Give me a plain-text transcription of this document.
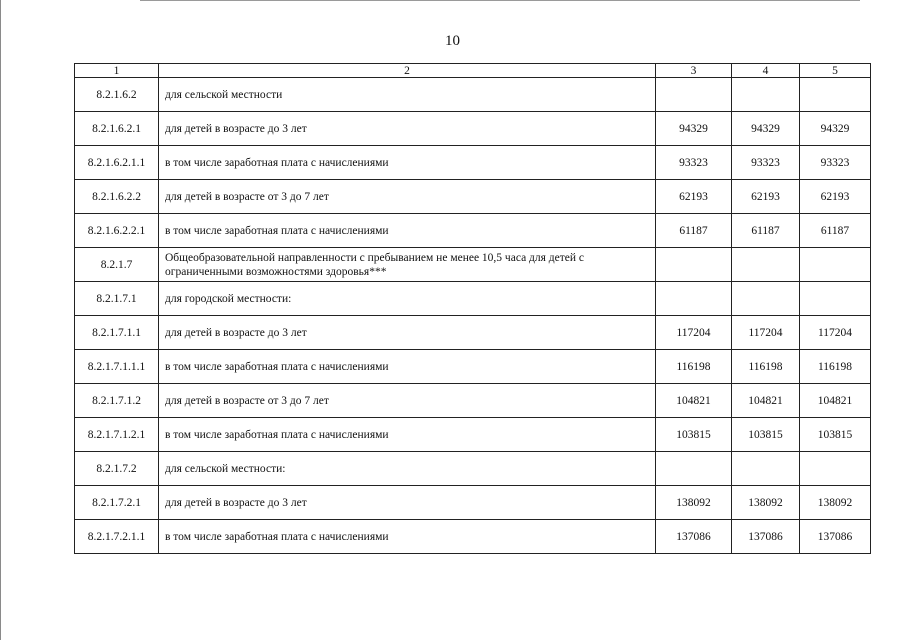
10
1	2	3	4	5
8.2.1.6.2	для сельской местности			
8.2.1.6.2.1	для детей в возрасте до 3 лет	94329	94329	94329
8.2.1.6.2.1.1	в том числе заработная плата с начислениями	93323	93323	93323
8.2.1.6.2.2	для детей в возрасте от 3 до 7 лет	62193	62193	62193
8.2.1.6.2.2.1	в том числе заработная плата с начислениями	61187	61187	61187
8.2.1.7	Общеобразовательной направленности с пребыванием не менее 10,5 часа для детей с ограниченными возможностями здоровья***			
8.2.1.7.1	для городской местности:			
8.2.1.7.1.1	для детей в возрасте до 3 лет	117204	117204	117204
8.2.1.7.1.1.1	в том числе заработная плата с начислениями	116198	116198	116198
8.2.1.7.1.2	для детей в возрасте от 3 до 7 лет	104821	104821	104821
8.2.1.7.1.2.1	в том числе заработная плата с начислениями	103815	103815	103815
8.2.1.7.2	для сельской местности:			
8.2.1.7.2.1	для детей в возрасте до 3 лет	138092	138092	138092
8.2.1.7.2.1.1	в том числе заработная плата с начислениями	137086	137086	137086
